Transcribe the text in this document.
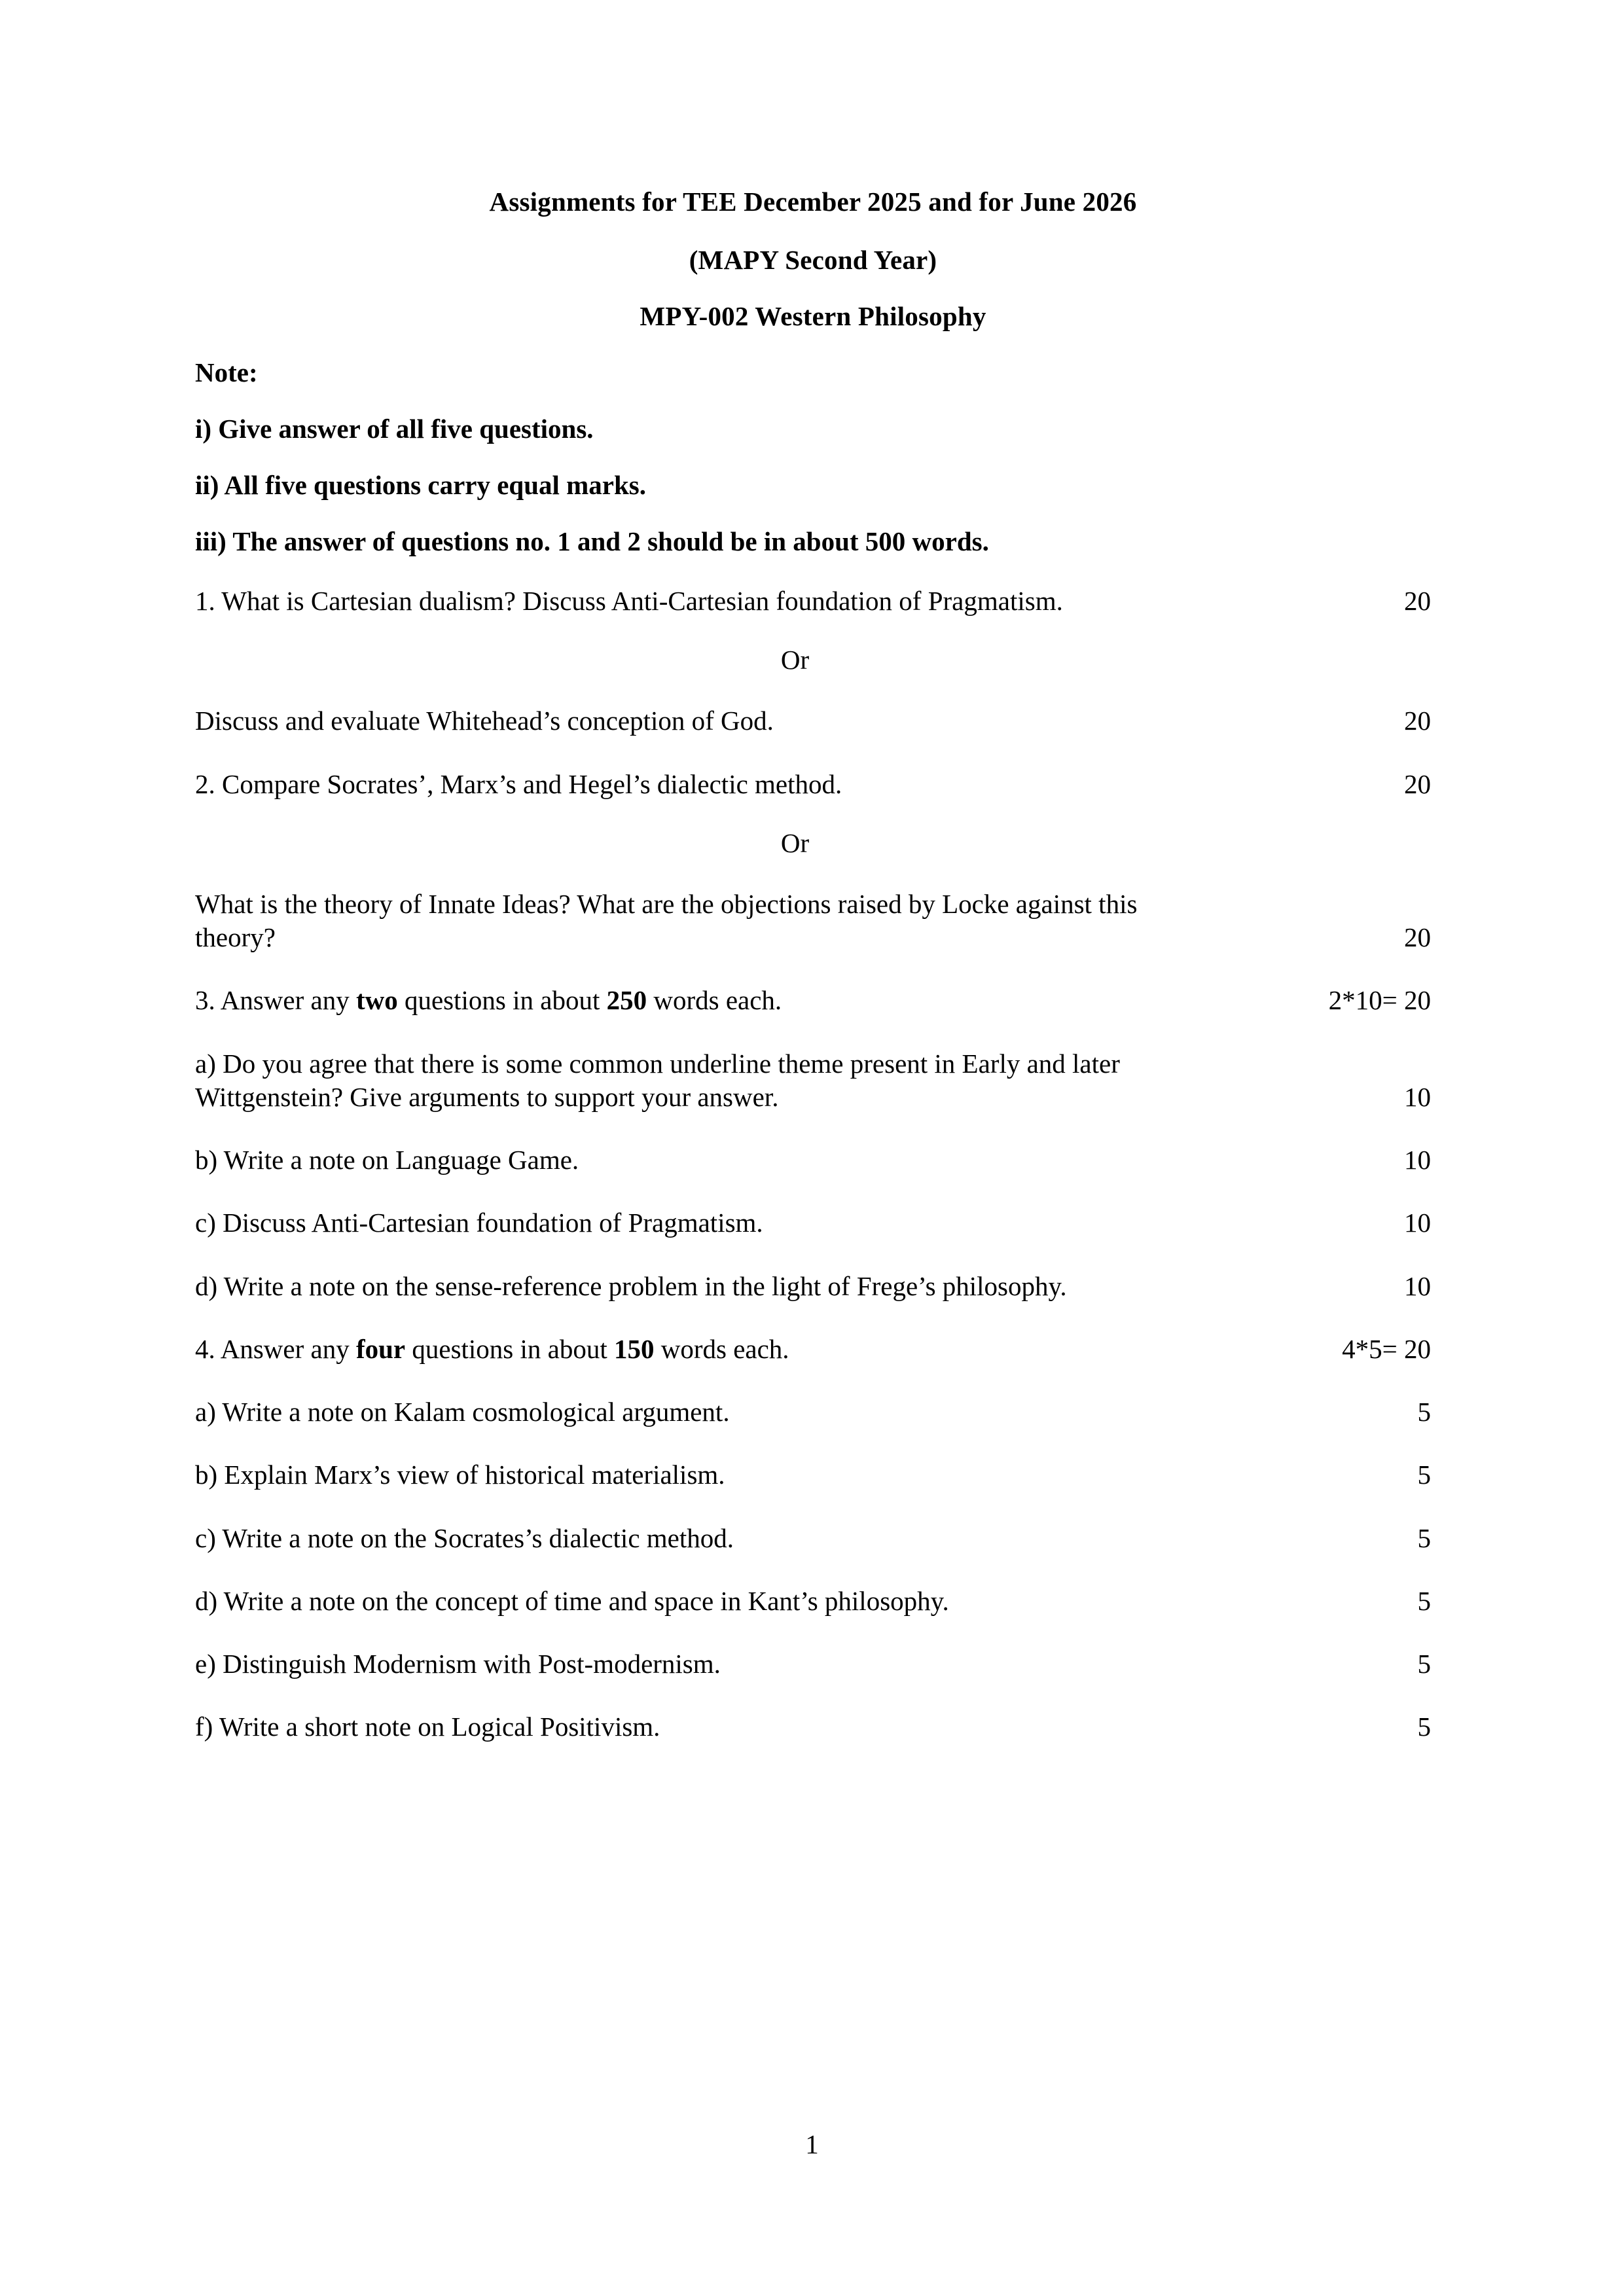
Assignments for TEE December 2025 and for June 2026
(MAPY Second Year)
MPY-002 Western Philosophy
Note:
i) Give answer of all five questions.
ii) All five questions carry equal marks.
iii) The answer of questions no. 1 and 2 should be in about 500 words.
1. What is Cartesian dualism? Discuss Anti-Cartesian foundation of Pragmatism.	20
Or
Discuss and evaluate Whitehead’s conception of God.	20
2. Compare Socrates’, Marx’s and Hegel’s dialectic method.	20
Or
What is the theory of Innate Ideas? What are the objections raised by Locke against this
theory?	20
3. Answer any two questions in about 250 words each.	2*10= 20
a) Do you agree that there is some common underline theme present in Early and later
Wittgenstein? Give arguments to support your answer.	10
b) Write a note on Language Game.	10
c) Discuss Anti-Cartesian foundation of Pragmatism.	10
d) Write a note on the sense-reference problem in the light of Frege’s philosophy.	10
4. Answer any four questions in about 150 words each.	4*5= 20
a) Write a note on Kalam cosmological argument.	5
b) Explain Marx’s view of historical materialism.	5
c) Write a note on the Socrates’s dialectic method.	5
d) Write a note on the concept of time and space in Kant’s philosophy.	5
e) Distinguish Modernism with Post-modernism.	5
f) Write a short note on Logical Positivism.	5
1
